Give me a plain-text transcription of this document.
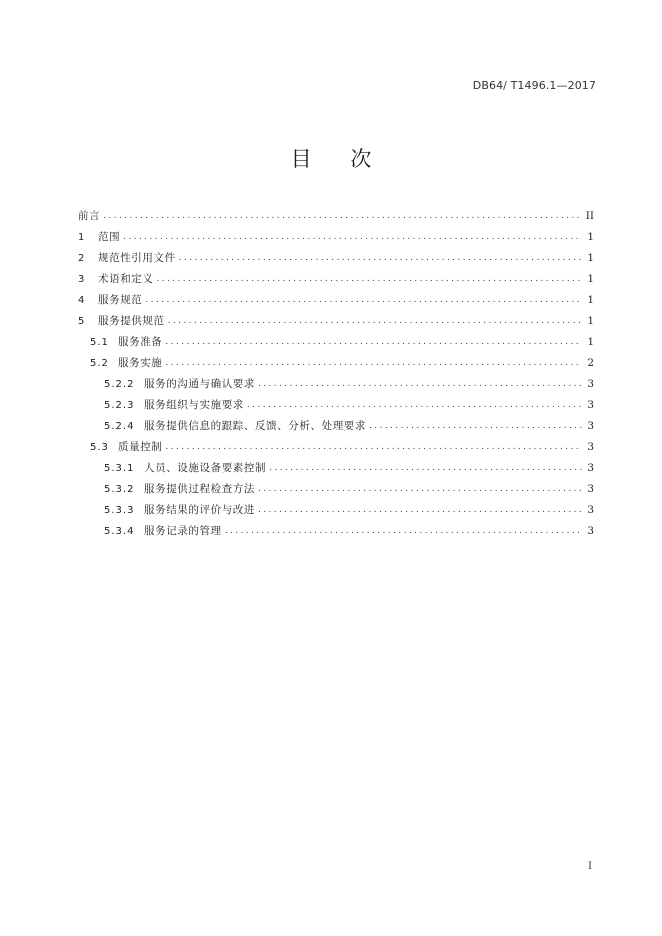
DB64/ T1496.1—2017
目 次
前言 .....	II
1	范围 .....	1
2	规范性引用文件 .....	1
3	术语和定义 .....	1
4	服务规范 .....	1
5	服务提供规范 .....	1
5.1 服务准备 .....	1
5.2 服务实施 .....	2
5.2.2 服务的沟通与确认要求 .....	3
5.2.3 服务组织与实施要求 .....	3
5.2.4 服务提供信息的跟踪、反馈、分析、处理要求 .....	3
5.3 质量控制 .....	3
5.3.1 人员、设施设备要素控制 .....	3
5.3.2 服务提供过程检查方法 .....	3
5.3.3 服务结果的评价与改进 .....	3
5.3.4 服务记录的管理 .....	3
I
